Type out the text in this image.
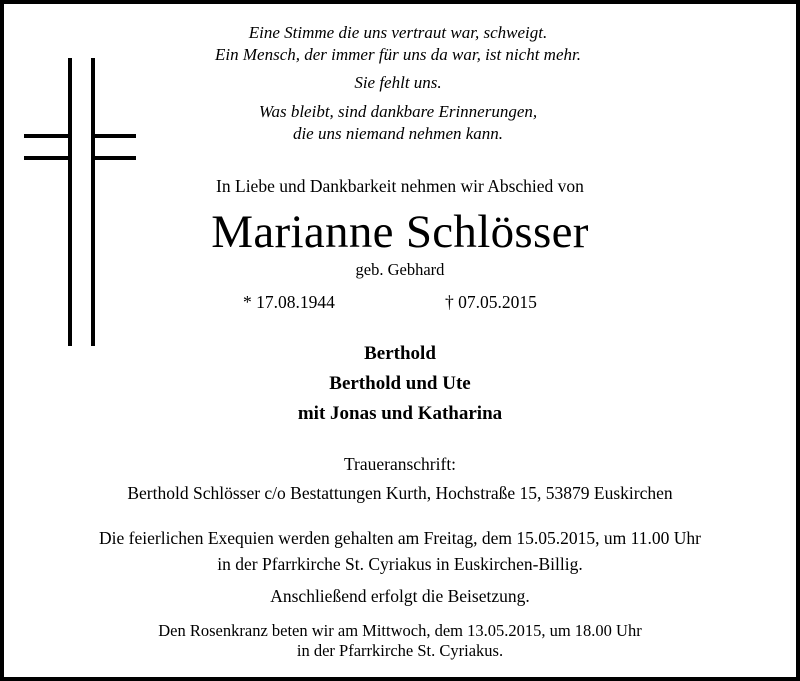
Eine Stimme die uns vertraut war, schweigt.
Ein Mensch, der immer für uns da war, ist nicht mehr.
Sie fehlt uns.
Was bleibt, sind dankbare Erinnerungen,
die uns niemand nehmen kann.
In Liebe und Dankbarkeit nehmen wir Abschied von
Marianne Schlösser
geb. Gebhard
* 17.08.1944	† 07.05.2015
Berthold
Berthold und Ute
mit Jonas und Katharina
Traueranschrift:
Berthold Schlösser c/o Bestattungen Kurth, Hochstraße 15, 53879 Euskirchen
Die feierlichen Exequien werden gehalten am Freitag, dem 15.05.2015, um 11.00 Uhr
in der Pfarrkirche St. Cyriakus in Euskirchen-Billig.
Anschließend erfolgt die Beisetzung.
Den Rosenkranz beten wir am Mittwoch, dem 13.05.2015, um 18.00 Uhr
in der Pfarrkirche St. Cyriakus.
